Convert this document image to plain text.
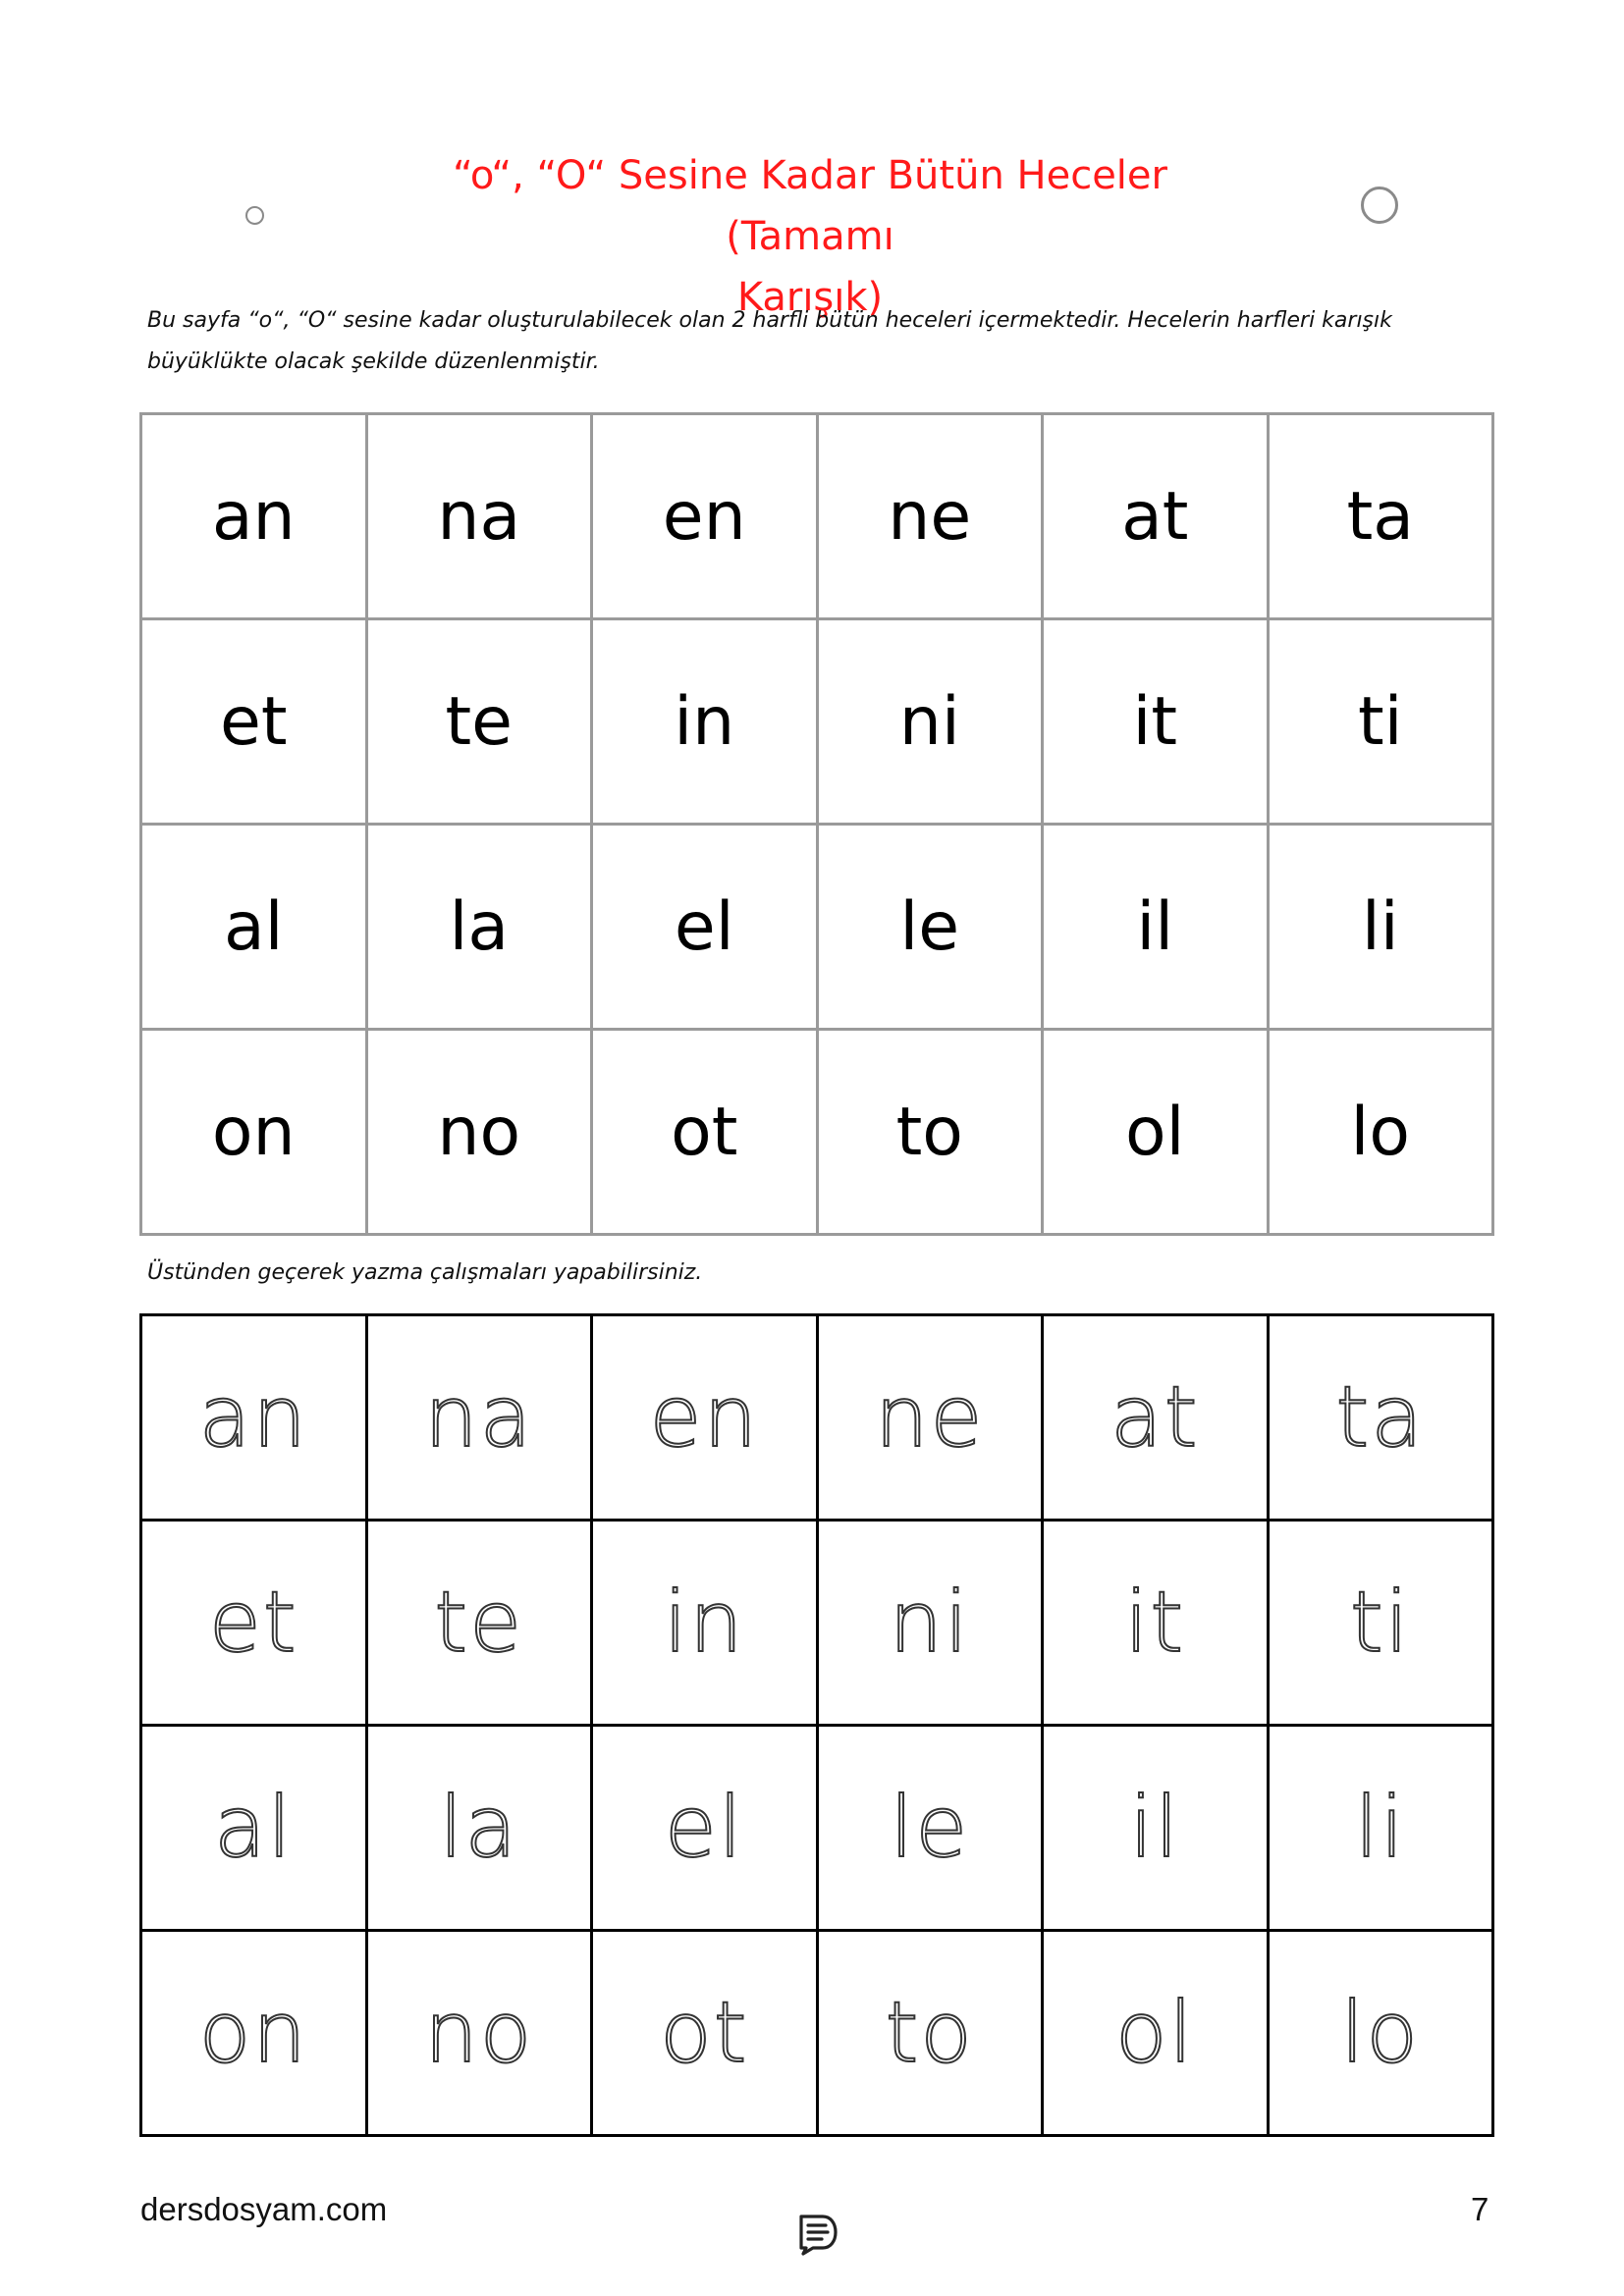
“o“, “O“ Sesine Kadar Bütün Heceler (Tamamı
Karışık)
Bu sayfa “o“, “O“ sesine kadar oluşturulabilecek olan 2 harfli bütün heceleri içermektedir. Hecelerin harfleri karışık büyüklükte olacak şekilde düzenlenmiştir.
an	na	en	ne	at	ta
et	te	in	ni	it	ti
al	la	el	le	il	li
on	no	ot	to	ol	lo
Üstünden geçerek yazma çalışmaları yapabilirsiniz.
an	na	en	ne	at	ta
et	te	in	ni	it	ti
al	la	el	le	il	li
on	no	ot	to	ol	lo
dersdosyam.com	7
